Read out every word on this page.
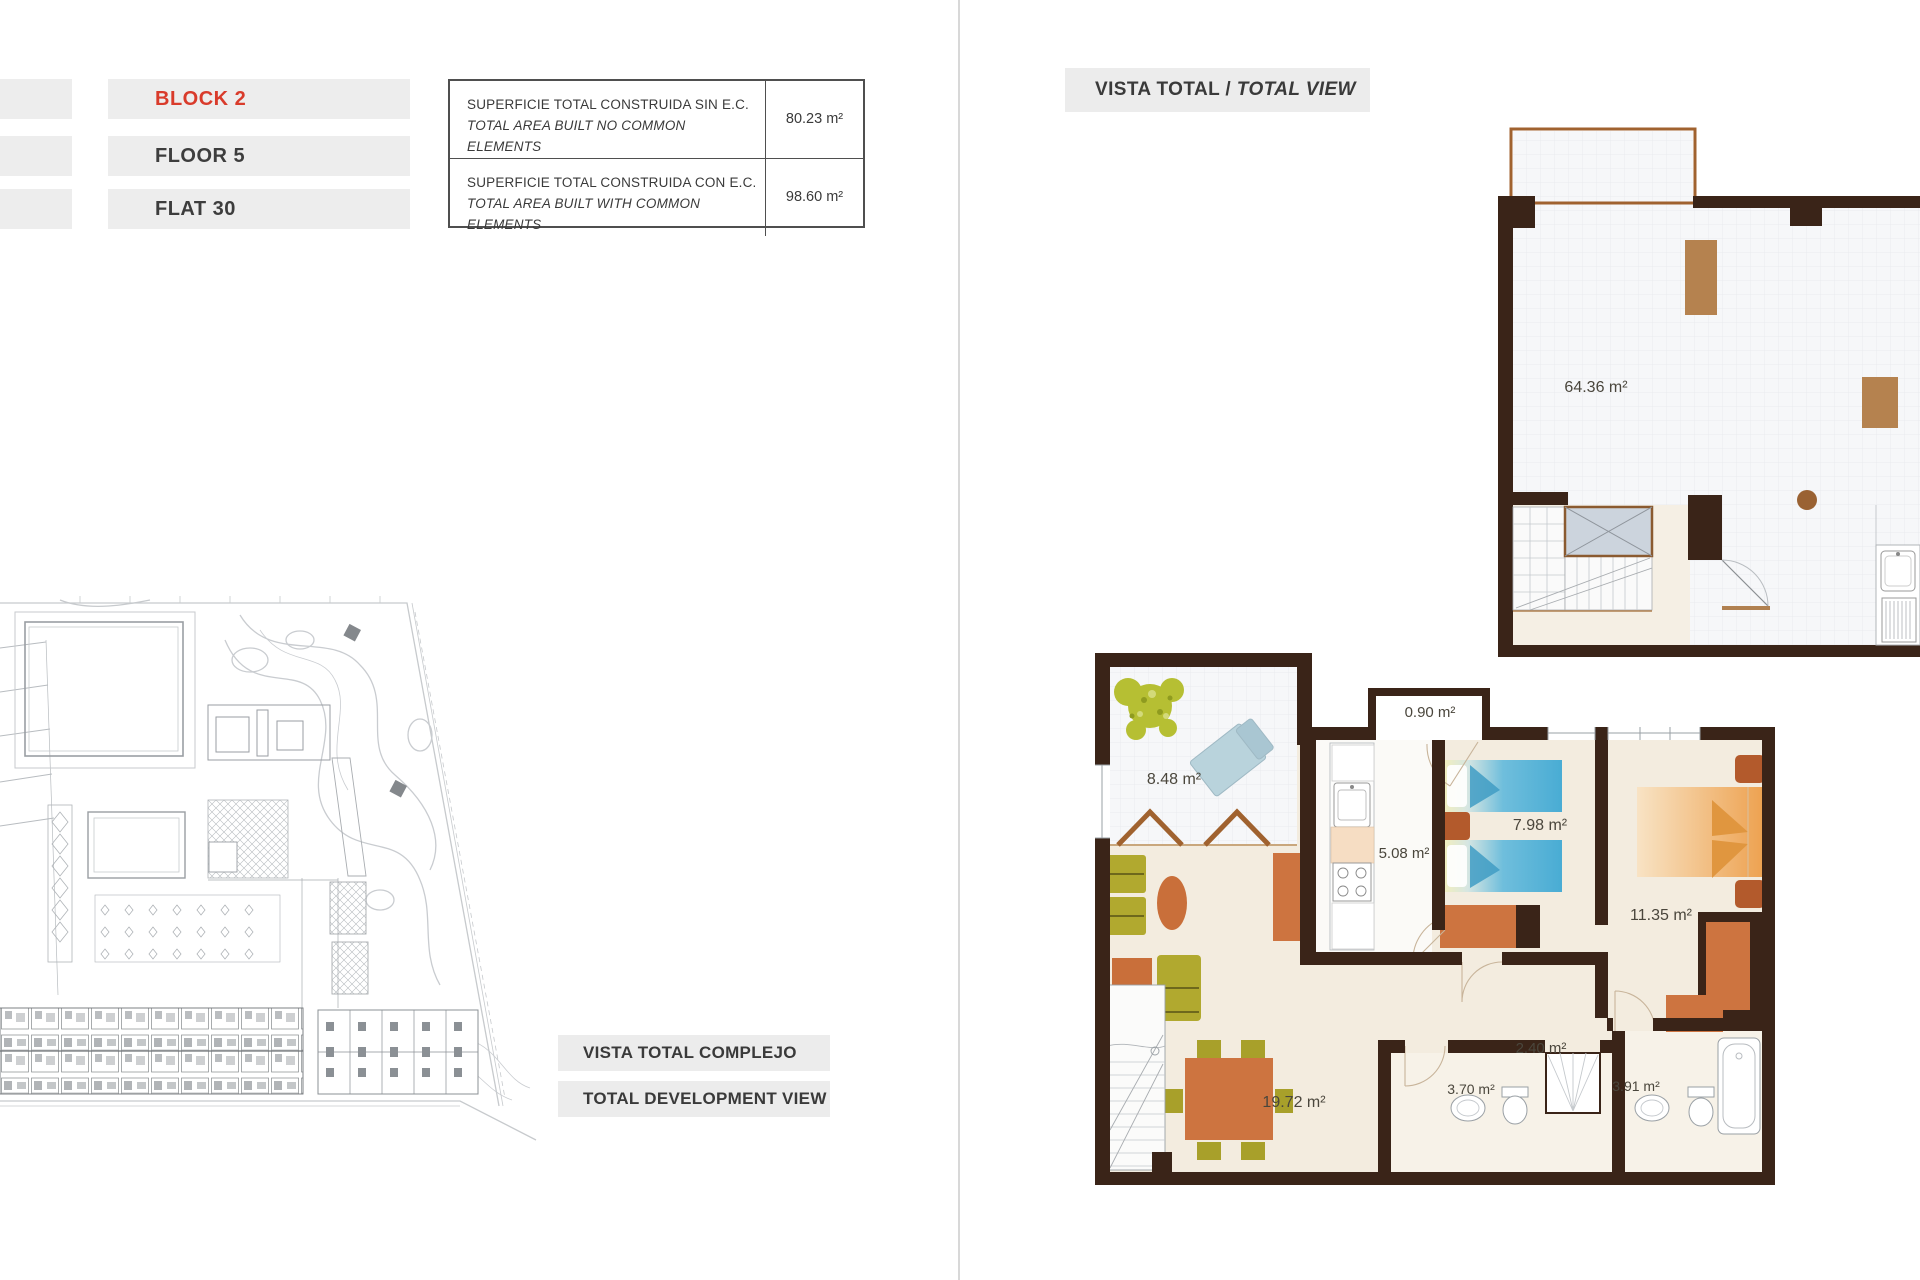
BLOCK 2
FLOOR 5
FLAT 30
SUPERFICIE TOTAL CONSTRUIDA SIN E.C.
TOTAL AREA BUILT NO COMMON ELEMENTS
80.23 m²
SUPERFICIE TOTAL CONSTRUIDA CON E.C.
TOTAL AREA BUILT WITH COMMON ELEMENTS
98.60 m²
VISTA TOTAL / TOTAL VIEW
VISTA TOTAL COMPLEJO
TOTAL DEVELOPMENT VIEW
64.36 m²
8.48 m²
0.90 m²
5.08 m²
7.98 m²
11.35 m²
19.72 m²
2.40 m²
3.70 m²	3.91 m²
